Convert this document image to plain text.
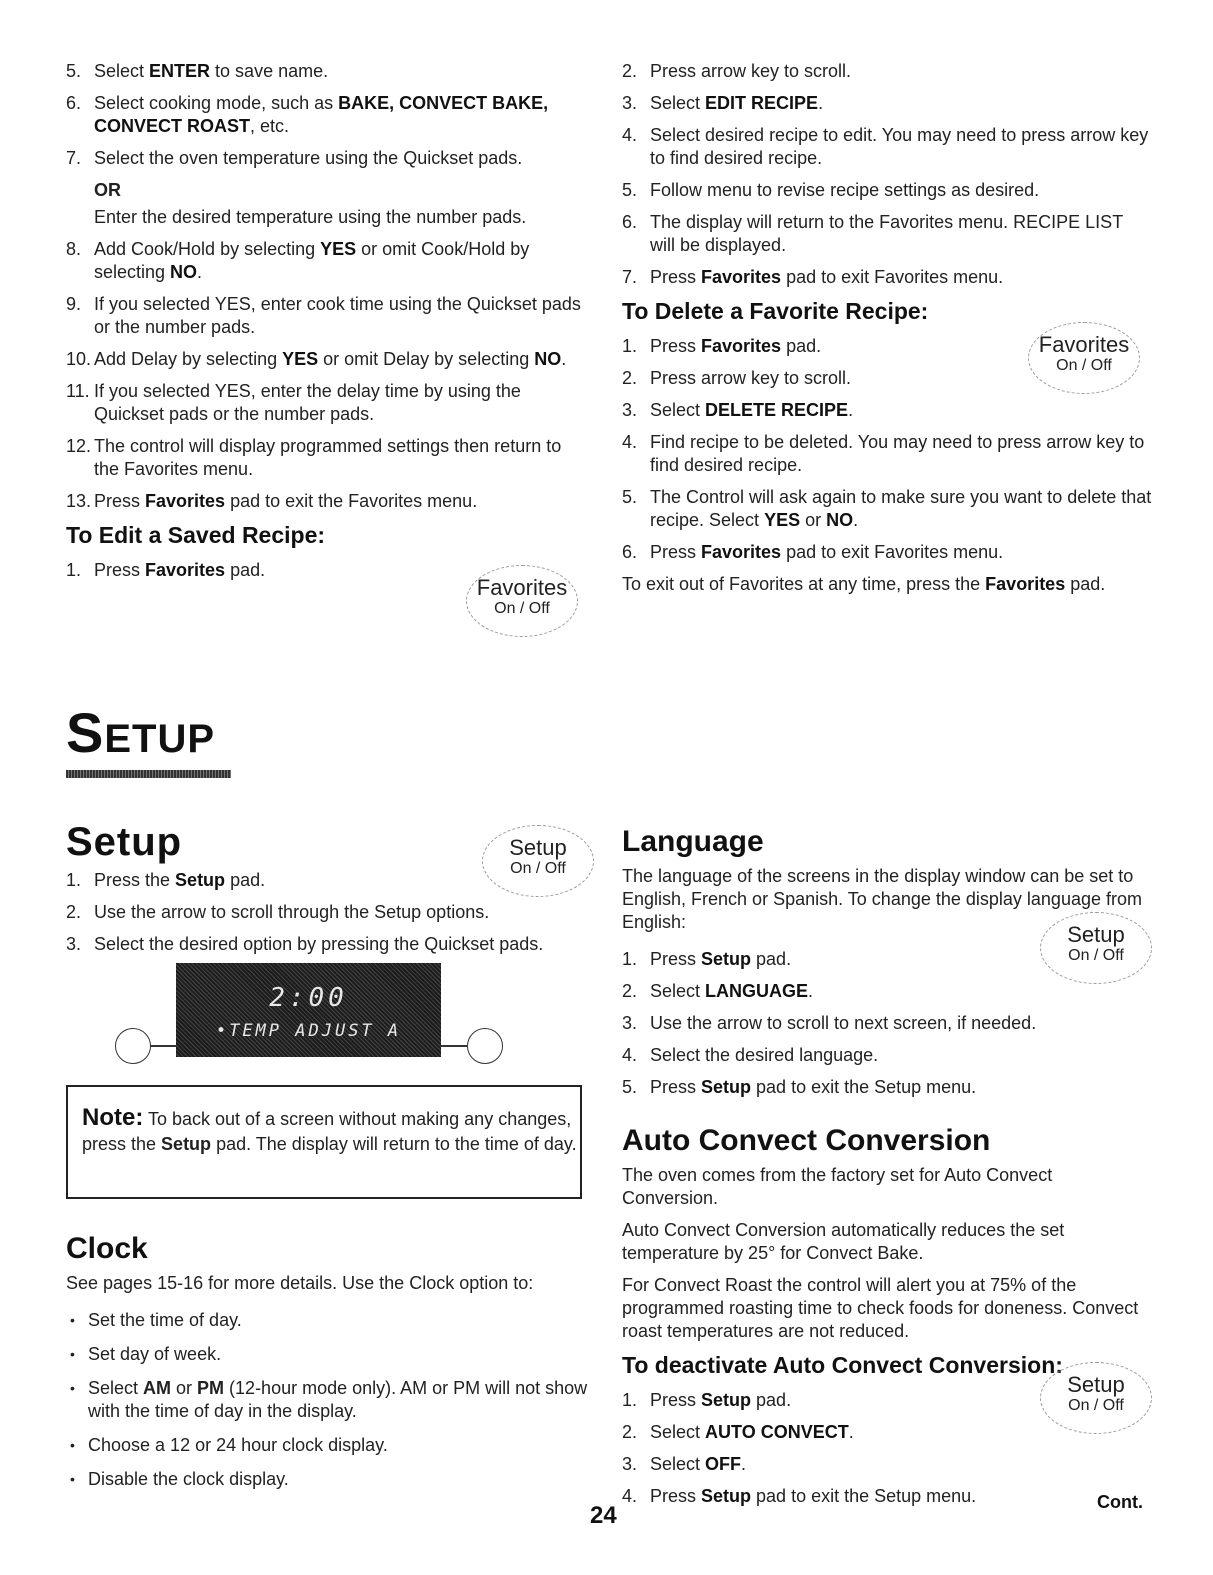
5. Select ENTER to save name.
6. Select cooking mode, such as BAKE, CONVECT BAKE, CONVECT ROAST, etc.
7. Select the oven temperature using the Quickset pads.
OR
Enter the desired temperature using the number pads.
8. Add Cook/Hold by selecting YES or omit Cook/Hold by selecting NO.
9. If you selected YES, enter cook time using the Quickset pads or the number pads.
10. Add Delay by selecting YES or omit Delay by selecting NO.
11. If you selected YES, enter the delay time by using the Quickset pads or the number pads.
12. The control will display programmed settings then return to the Favorites menu.
13. Press Favorites pad to exit the Favorites menu.
To Edit a Saved Recipe:
1. Press Favorites pad.
Favorites
On / Off
2. Press arrow key to scroll.
3. Select EDIT RECIPE.
4. Select desired recipe to edit. You may need to press arrow key to find desired recipe.
5. Follow menu to revise recipe settings as desired.
6. The display will return to the Favorites menu. RECIPE LIST will be displayed.
7. Press Favorites pad to exit Favorites menu.
To Delete a Favorite Recipe:
1. Press Favorites pad.
2. Press arrow key to scroll.
3. Select DELETE RECIPE.
4. Find recipe to be deleted. You may need to press arrow key to find desired recipe.
5. The Control will ask again to make sure you want to delete that recipe. Select YES or NO.
6. Press Favorites pad to exit Favorites menu.
To exit out of Favorites at any time, press the Favorites pad.
Favorites
On / Off
SETUP
Setup
1. Press the Setup pad.
2. Use the arrow to scroll through the Setup options.
3. Select the desired option by pressing the Quickset pads.
Setup
On / Off
2:00
•TEMP ADJUST A
Note: To back out of a screen without making any changes, press the Setup pad. The display will return to the time of day.
Clock
See pages 15-16 for more details. Use the Clock option to:
• Set the time of day.
• Set day of week.
• Select AM or PM (12-hour mode only). AM or PM will not show with the time of day in the display.
• Choose a 12 or 24 hour clock display.
• Disable the clock display.
Language
The language of the screens in the display window can be set to English, French or Spanish. To change the display language from English:
1. Press Setup pad.
2. Select LANGUAGE.
3. Use the arrow to scroll to next screen, if needed.
4. Select the desired language.
5. Press Setup pad to exit the Setup menu.
Setup
On / Off
Auto Convect Conversion
The oven comes from the factory set for Auto Convect Conversion.
Auto Convect Conversion automatically reduces the set temperature by 25° for Convect Bake.
For Convect Roast the control will alert you at 75% of the programmed roasting time to check foods for doneness. Convect roast temperatures are not reduced.
To deactivate Auto Convect Conversion:
1. Press Setup pad.
2. Select AUTO CONVECT.
3. Select OFF.
4. Press Setup pad to exit the Setup menu.
Setup
On / Off
24	Cont.
